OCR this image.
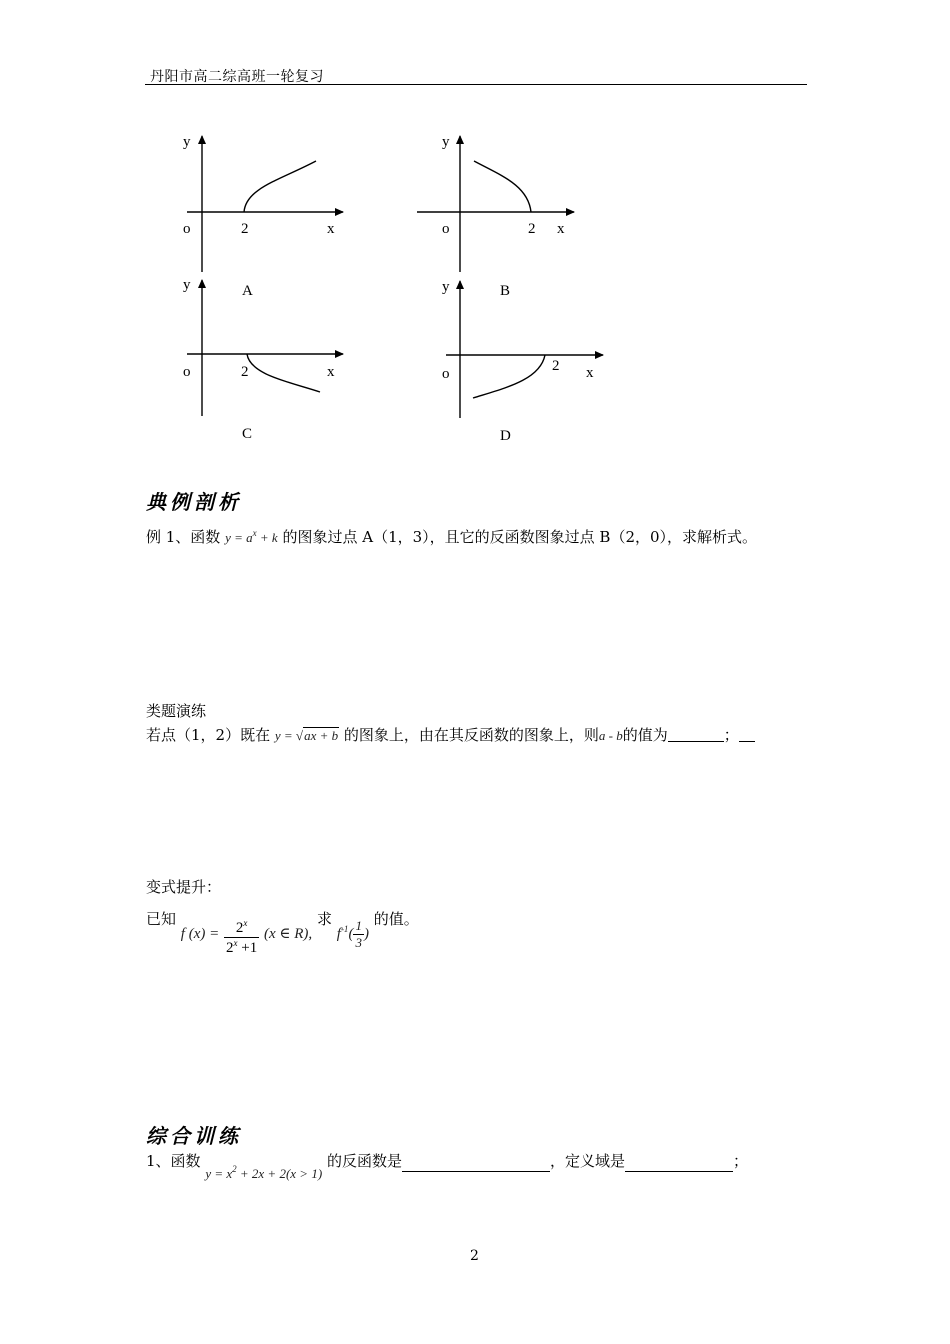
丹阳市高二综高班一轮复习
y
o	2	x
A
y
o	2 x
B
y
o	2	x
C
y
o	2 x
D
典例剖析
例 1、函数 $y = a^x + k$ 的图象过点 A（1，3），且它的反函数图象过点 B（2，0），求解析式。
类题演练
若点（1，2）既在 y = √ax + b 的图象上，由在其反函数的图象上，则a - b的值为	；
变式提升：
已知 f $(x) = \frac{2^x}{2^x +1} (x$ ∈ R), 求 $f^{-1}( \frac{1}{3}$ ) 的值。
综合训练
1、函数 $y = x^2 + 2x + 2(x > 1)$ 的反函数是	，定义域是	；
2
